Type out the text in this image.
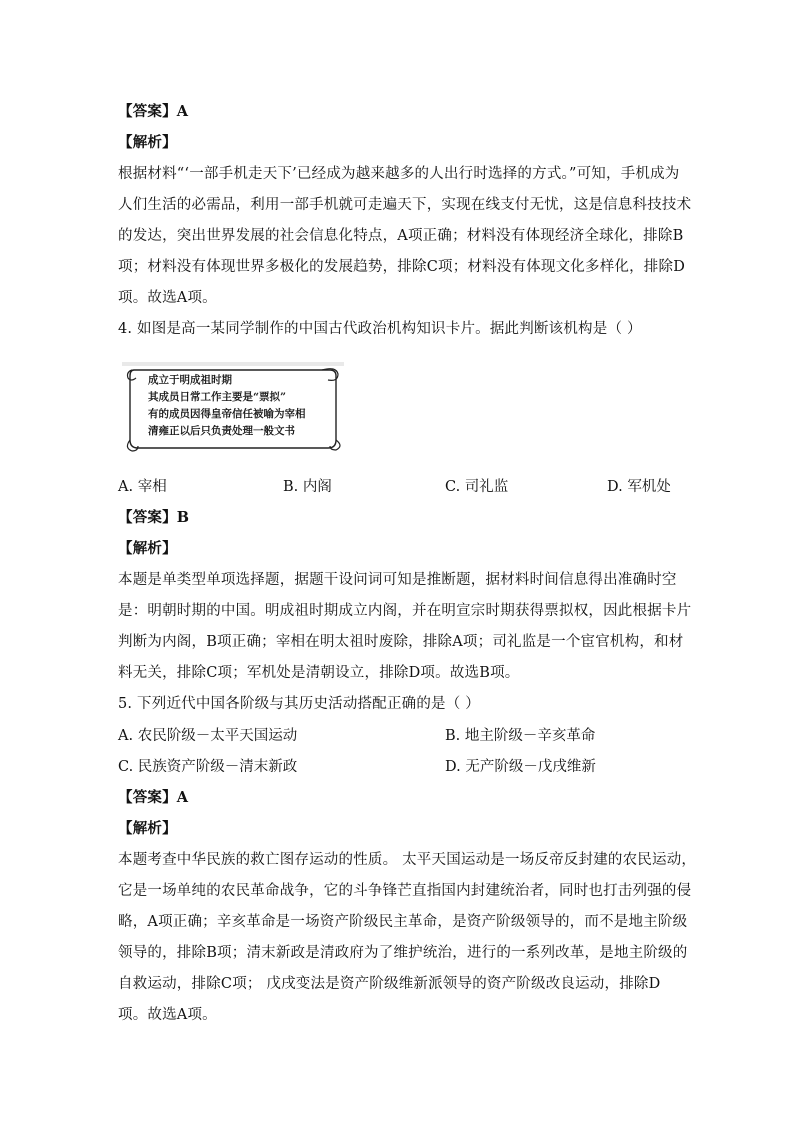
【答案】A
【解析】
根据材料“‘一部手机走天下’已经成为越来越多的人出行时选择的方式。”可知，手机成为
人们生活的必需品，利用一部手机就可走遍天下，实现在线支付无忧，这是信息科技技术
的发达，突出世界发展的社会信息化特点，A项正确；材料没有体现经济全球化，排除B
项；材料没有体现世界多极化的发展趋势，排除C项；材料没有体现文化多样化，排除D
项。故选A项。
4. 如图是高一某同学制作的中国古代政治机构知识卡片。据此判断该机构是（ ）
成立于明成祖时期
其成员日常工作主要是“票拟”
有的成员因得皇帝信任被喻为宰相
清雍正以后只负责处理一般文书
A. 宰相	B. 内阁	C. 司礼监	D. 军机处
【答案】B
【解析】
本题是单类型单项选择题，据题干设问词可知是推断题，据材料时间信息得出准确时空
是：明朝时期的中国。明成祖时期成立内阁，并在明宣宗时期获得票拟权，因此根据卡片
判断为内阁，B项正确；宰相在明太祖时废除，排除A项；司礼监是一个宦官机构，和材
料无关，排除C项；军机处是清朝设立，排除D项。故选B项。
5. 下列近代中国各阶级与其历史活动搭配正确的是（ ）
A. 农民阶级－太平天国运动	B. 地主阶级－辛亥革命
C. 民族资产阶级－清末新政	D. 无产阶级－戊戌维新
【答案】A
【解析】
本题考查中华民族的救亡图存运动的性质。 太平天国运动是一场反帝反封建的农民运动，
它是一场单纯的农民革命战争，它的斗争锋芒直指国内封建统治者，同时也打击列强的侵
略，A项正确；辛亥革命是一场资产阶级民主革命，是资产阶级领导的，而不是地主阶级
领导的，排除B项；清末新政是清政府为了维护统治，进行的一系列改革，是地主阶级的
自救运动，排除C项； 戊戌变法是资产阶级维新派领导的资产阶级改良运动，排除D
项。故选A项。
